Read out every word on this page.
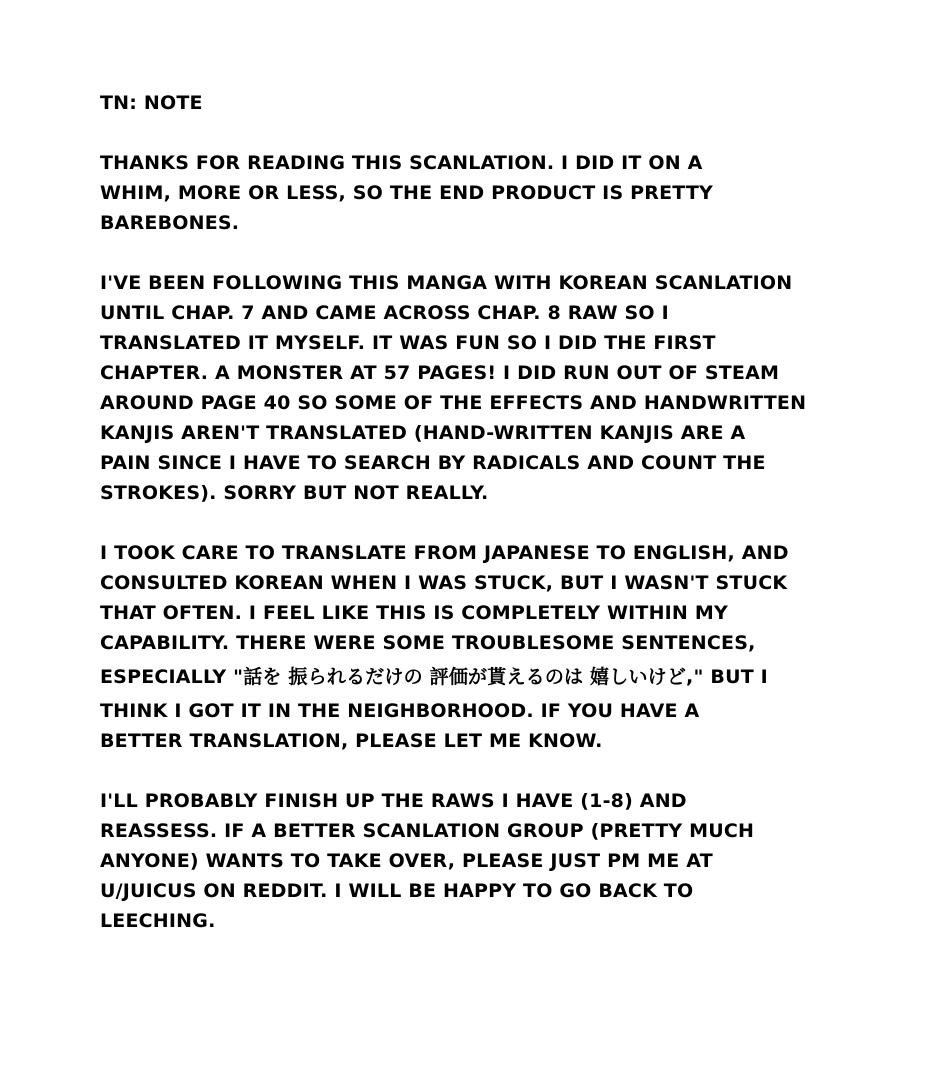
TN: NOTE
THANKS FOR READING THIS SCANLATION. I DID IT ON A
WHIM, MORE OR LESS, SO THE END PRODUCT IS PRETTY
BAREBONES.
I'VE BEEN FOLLOWING THIS MANGA WITH KOREAN SCANLATION
UNTIL CHAP. 7 AND CAME ACROSS CHAP. 8 RAW SO I
TRANSLATED IT MYSELF. IT WAS FUN SO I DID THE FIRST
CHAPTER. A MONSTER AT 57 PAGES! I DID RUN OUT OF STEAM
AROUND PAGE 40 SO SOME OF THE EFFECTS AND HANDWRITTEN
KANJIS AREN'T TRANSLATED (HAND-WRITTEN KANJIS ARE A
PAIN SINCE I HAVE TO SEARCH BY RADICALS AND COUNT THE
STROKES). SORRY BUT NOT REALLY.
I TOOK CARE TO TRANSLATE FROM JAPANESE TO ENGLISH, AND
CONSULTED KOREAN WHEN I WAS STUCK, BUT I WASN'T STUCK
THAT OFTEN. I FEEL LIKE THIS IS COMPLETELY WITHIN MY
CAPABILITY. THERE WERE SOME TROUBLESOME SENTENCES,
ESPECIALLY "話を 振られるだけの 評価が貰えるのは 嬉しいけど," BUT I
THINK I GOT IT IN THE NEIGHBORHOOD. IF YOU HAVE A
BETTER TRANSLATION, PLEASE LET ME KNOW.
I'LL PROBABLY FINISH UP THE RAWS I HAVE (1-8) AND
REASSESS. IF A BETTER SCANLATION GROUP (PRETTY MUCH
ANYONE) WANTS TO TAKE OVER, PLEASE JUST PM ME AT
U/JUICUS ON REDDIT. I WILL BE HAPPY TO GO BACK TO
LEECHING.
